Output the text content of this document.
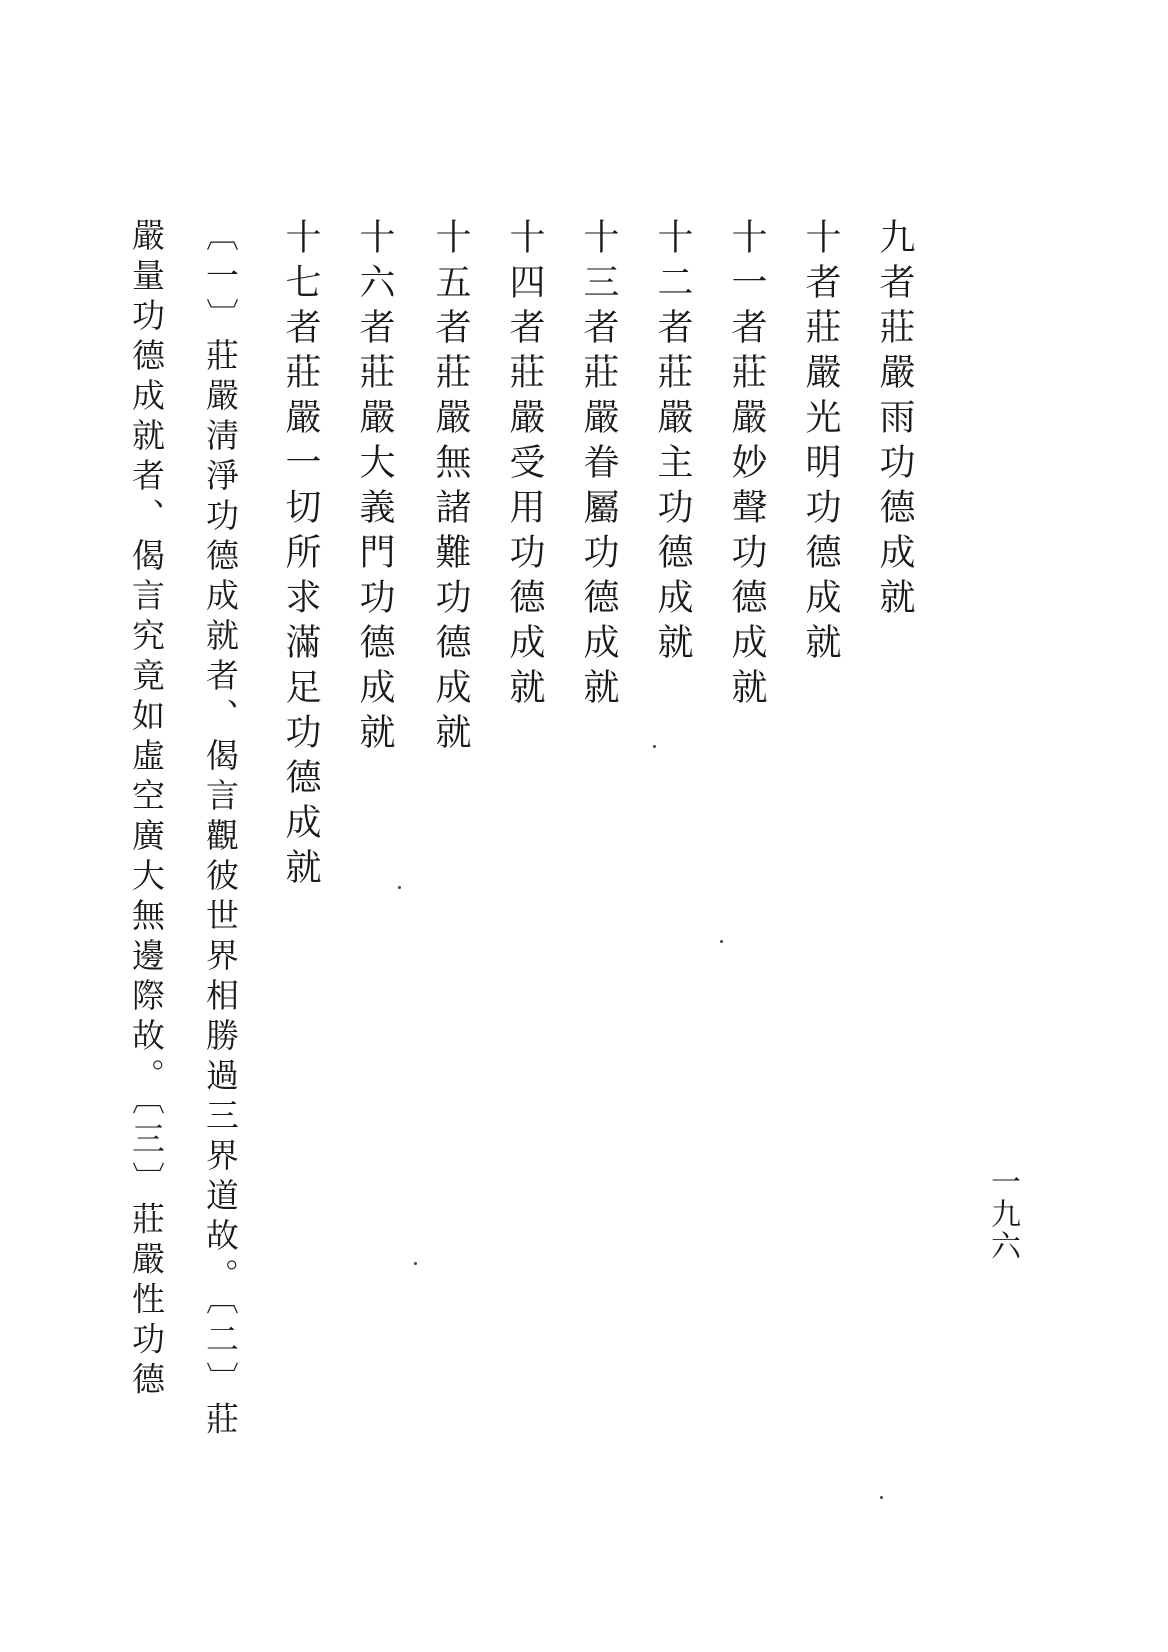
九者莊嚴雨功德成就
十者莊嚴光明功德成就
十一者莊嚴妙聲功德成就
十二者莊嚴主功德成就
十三者莊嚴眷屬功德成就
十四者莊嚴受用功德成就
十五者莊嚴無諸難功德成就
十六者莊嚴大義門功德成就
十七者莊嚴一切所求滿足功德成就
〔一〕莊嚴淸淨功德成就者、偈言觀彼世界相勝過三界道故。〔二〕莊
嚴量功德成就者、偈言究竟如虛空廣大無邊際故。〔三〕莊嚴性功德	一九六
